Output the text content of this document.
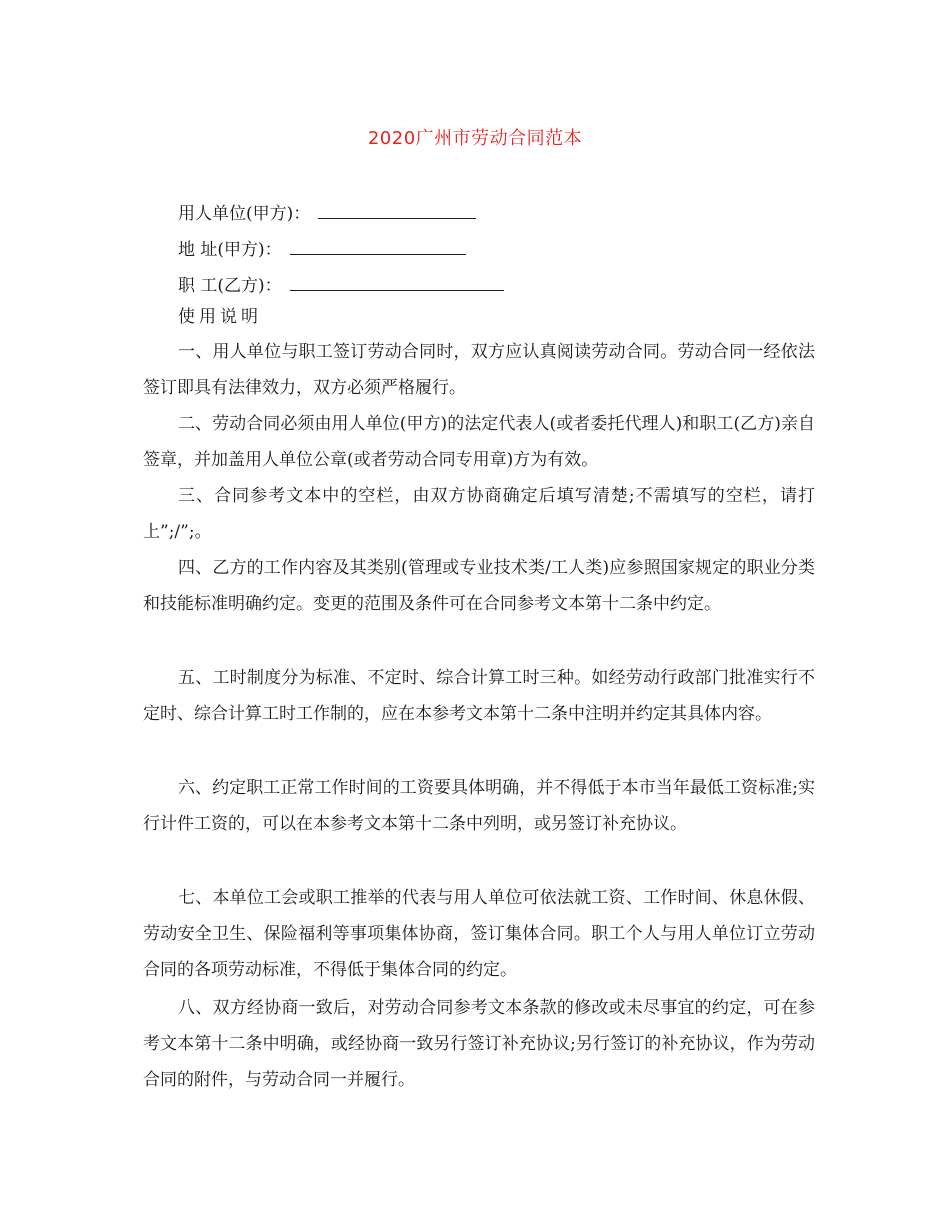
2020广州市劳动合同范本
用人单位(甲方)：
地 址(甲方)：
职 工(乙方)：
使用说明

一、用人单位与职工签订劳动合同时，双方应认真阅读劳动合同。劳动合同一经依法签订即具有法律效力，双方必须严格履行。

二、劳动合同必须由用人单位(甲方)的法定代表人(或者委托代理人)和职工(乙方)亲自签章，并加盖用人单位公章(或者劳动合同专用章)方为有效。

三、合同参考文本中的空栏，由双方协商确定后填写清楚;不需填写的空栏，请打上”;/”;。

四、乙方的工作内容及其类别(管理或专业技术类/工人类)应参照国家规定的职业分类和技能标准明确约定。变更的范围及条件可在合同参考文本第十二条中约定。

五、工时制度分为标准、不定时、综合计算工时三种。如经劳动行政部门批准实行不定时、综合计算工时工作制的，应在本参考文本第十二条中注明并约定其具体内容。

六、约定职工正常工作时间的工资要具体明确，并不得低于本市当年最低工资标准;实行计件工资的，可以在本参考文本第十二条中列明，或另签订补充协议。

七、本单位工会或职工推举的代表与用人单位可依法就工资、工作时间、休息休假、劳动安全卫生、保险福利等事项集体协商，签订集体合同。职工个人与用人单位订立劳动合同的各项劳动标准，不得低于集体合同的约定。

八、双方经协商一致后，对劳动合同参考文本条款的修改或未尽事宜的约定，可在参考文本第十二条中明确，或经协商一致另行签订补充协议;另行签订的补充协议，作为劳动合同的附件，与劳动合同一并履行。
